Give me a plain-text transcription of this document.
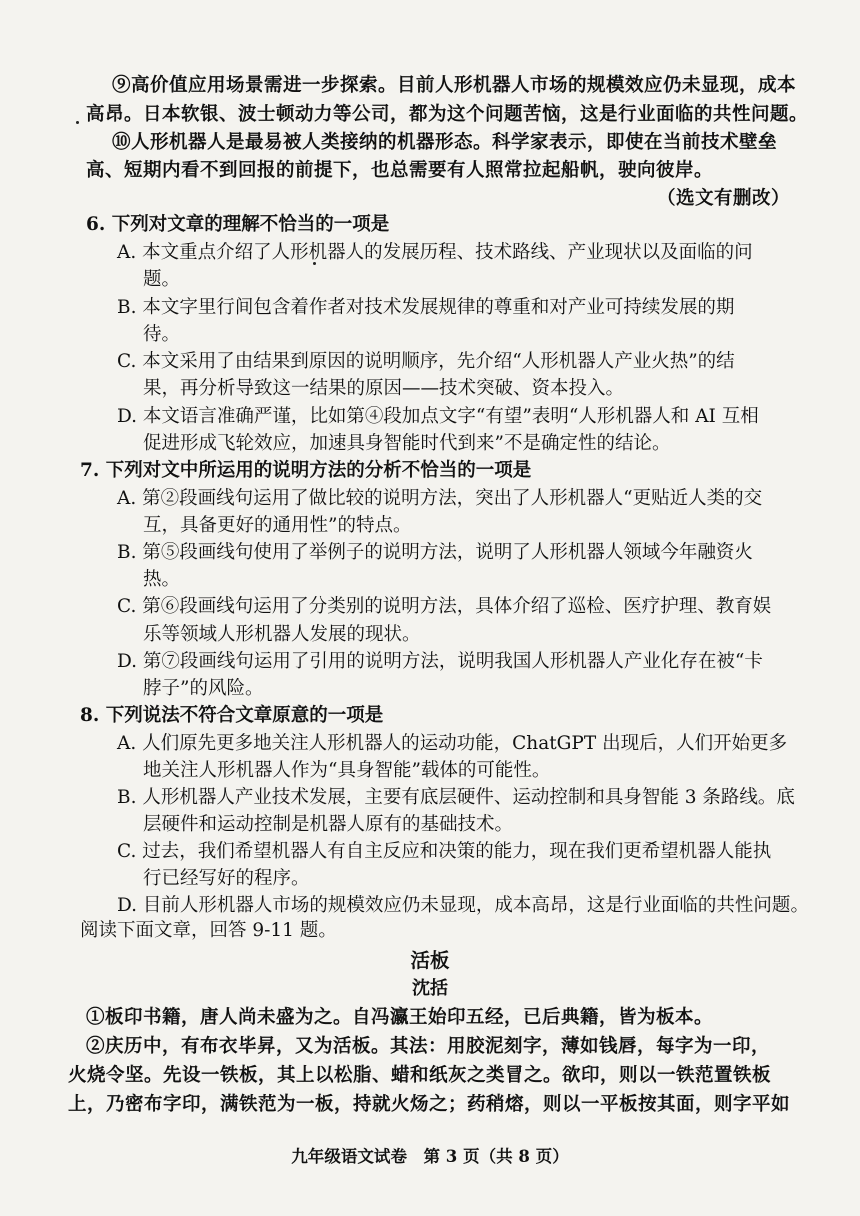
⑨高价值应用场景需进一步探索。目前人形机器人市场的规模效应仍未显现，成本
高昂。日本软银、波士顿动力等公司，都为这个问题苦恼，这是行业面临的共性问题。
⑩人形机器人是最易被人类接纳的机器形态。科学家表示，即使在当前技术壁垒
高、短期内看不到回报的前提下，也总需要有人照常拉起船帆，驶向彼岸。
（选文有删改）
6. 下列对文章的理解不恰当的一项是
A. 本文重点介绍了人形机器人的发展历程、技术路线、产业现状以及面临的问
题。
B. 本文字里行间包含着作者对技术发展规律的尊重和对产业可持续发展的期
待。
C. 本文采用了由结果到原因的说明顺序，先介绍“人形机器人产业火热”的结
果，再分析导致这一结果的原因——技术突破、资本投入。
D. 本文语言准确严谨，比如第④段加点文字“有望”表明“人形机器人和 AI 互相
促进形成飞轮效应，加速具身智能时代到来”不是确定性的结论。
7. 下列对文中所运用的说明方法的分析不恰当的一项是
A. 第②段画线句运用了做比较的说明方法，突出了人形机器人“更贴近人类的交
互，具备更好的通用性”的特点。
B. 第⑤段画线句使用了举例子的说明方法，说明了人形机器人领域今年融资火
热。
C. 第⑥段画线句运用了分类别的说明方法，具体介绍了巡检、医疗护理、教育娱
乐等领域人形机器人发展的现状。
D. 第⑦段画线句运用了引用的说明方法，说明我国人形机器人产业化存在被“卡
脖子”的风险。
8. 下列说法不符合文章原意的一项是
A. 人们原先更多地关注人形机器人的运动功能，ChatGPT 出现后，人们开始更多
地关注人形机器人作为“具身智能”载体的可能性。
B. 人形机器人产业技术发展，主要有底层硬件、运动控制和具身智能 3 条路线。底
层硬件和运动控制是机器人原有的基础技术。
C. 过去，我们希望机器人有自主反应和决策的能力，现在我们更希望机器人能执
行已经写好的程序。
D. 目前人形机器人市场的规模效应仍未显现，成本高昂，这是行业面临的共性问题。
阅读下面文章，回答 9-11 题。
活板
沈括
①板印书籍，唐人尚未盛为之。自冯瀛王始印五经，已后典籍，皆为板本。
②庆历中，有布衣毕昇，又为活板。其法：用胶泥刻字，薄如钱唇，每字为一印，
火烧令坚。先设一铁板，其上以松脂、蜡和纸灰之类冒之。欲印，则以一铁范置铁板
上，乃密布字印，满铁范为一板，持就火炀之；药稍熔，则以一平板按其面，则字平如
九年级语文试卷　第 3 页（共 8 页）
